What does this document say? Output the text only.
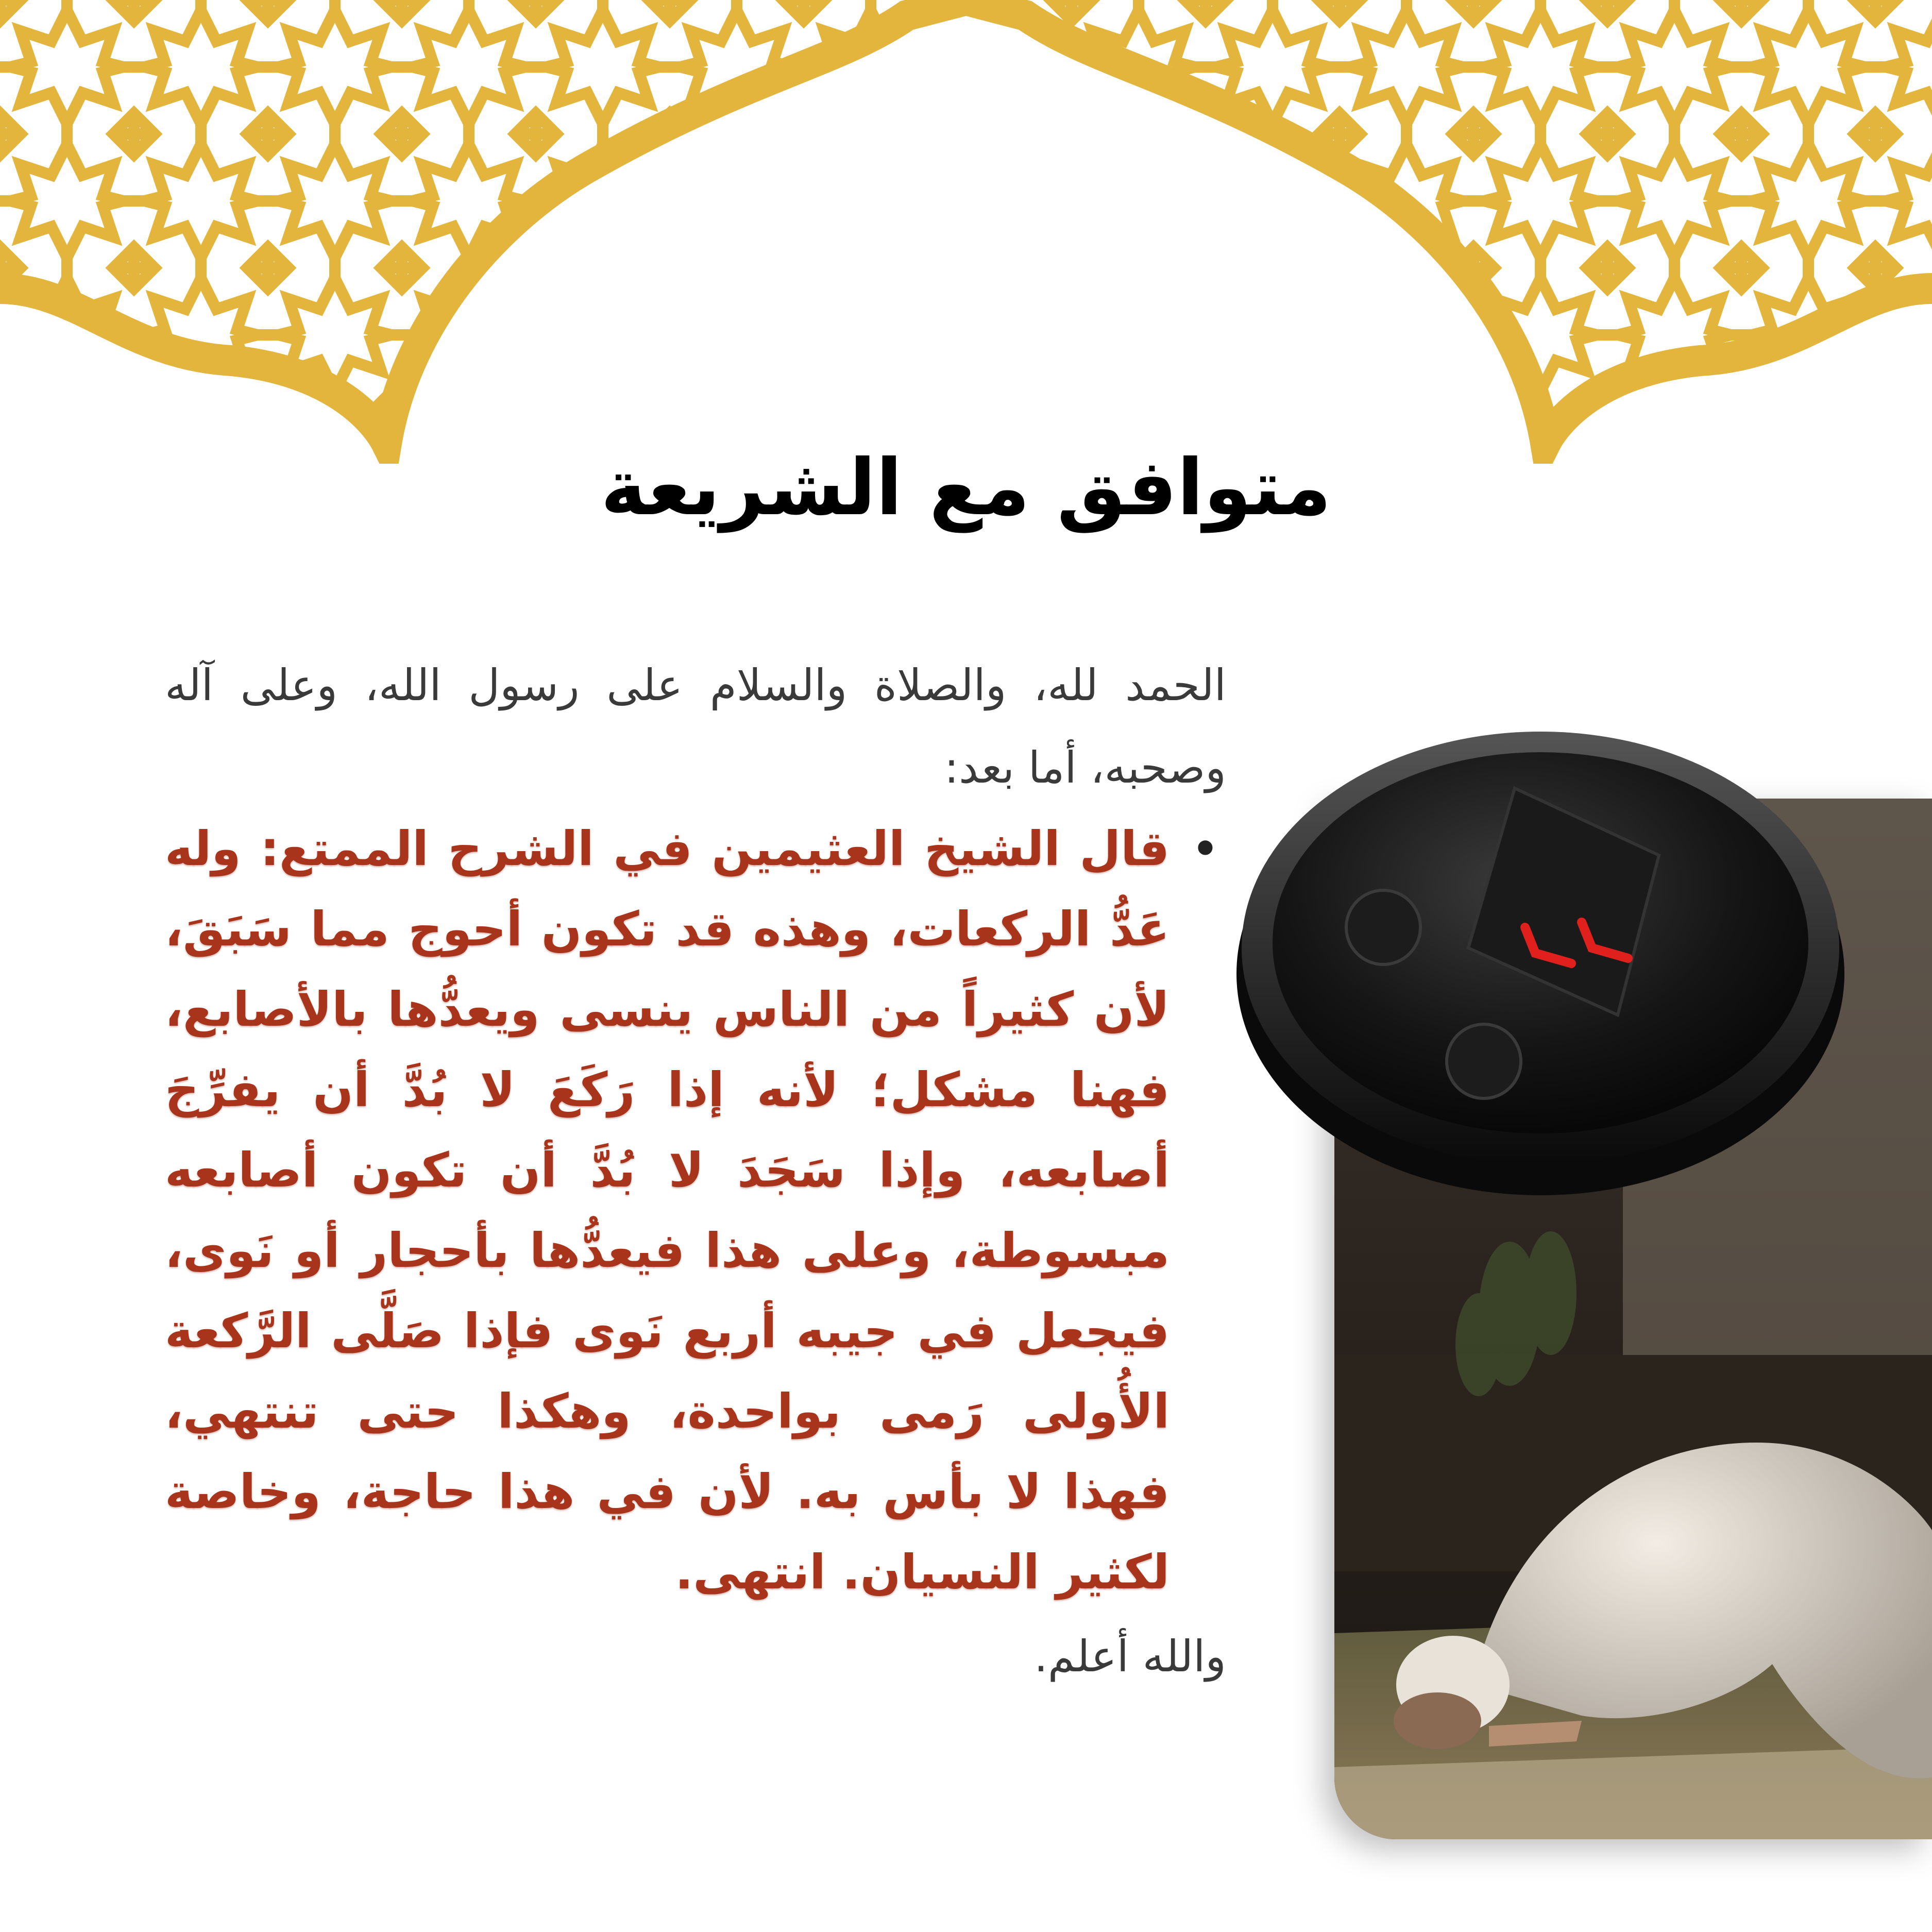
متوافق مع الشريعة

الحمد لله، والصلاة والسلام على رسول الله، وعلى آله وصحبه، أما بعد:

•
قال الشيخ العثيمين في الشرح الممتع: وله عَدُّ الركعات، وهذه قد تكون أحوج مما سَبَقَ، لأن كثيراً من الناس ينسى ويعدُّها بالأصابع، فهنا مشكل؛ لأنه إذا رَكَعَ لا بُدَّ أن يفرِّجَ أصابعه، وإذا سَجَدَ لا بُدَّ أن تكون أصابعه مبسوطة، وعلى هذا فيعدُّها بأحجار أو نَوى، فيجعل في جيبه أربع نَوى فإذا صَلَّى الرَّكعة الأُولى رَمى بواحدة، وهكذا حتى تنتهي، فهذا لا بأس به. لأن في هذا حاجة، وخاصة لكثير النسيان. انتهى.

والله أعلم.
